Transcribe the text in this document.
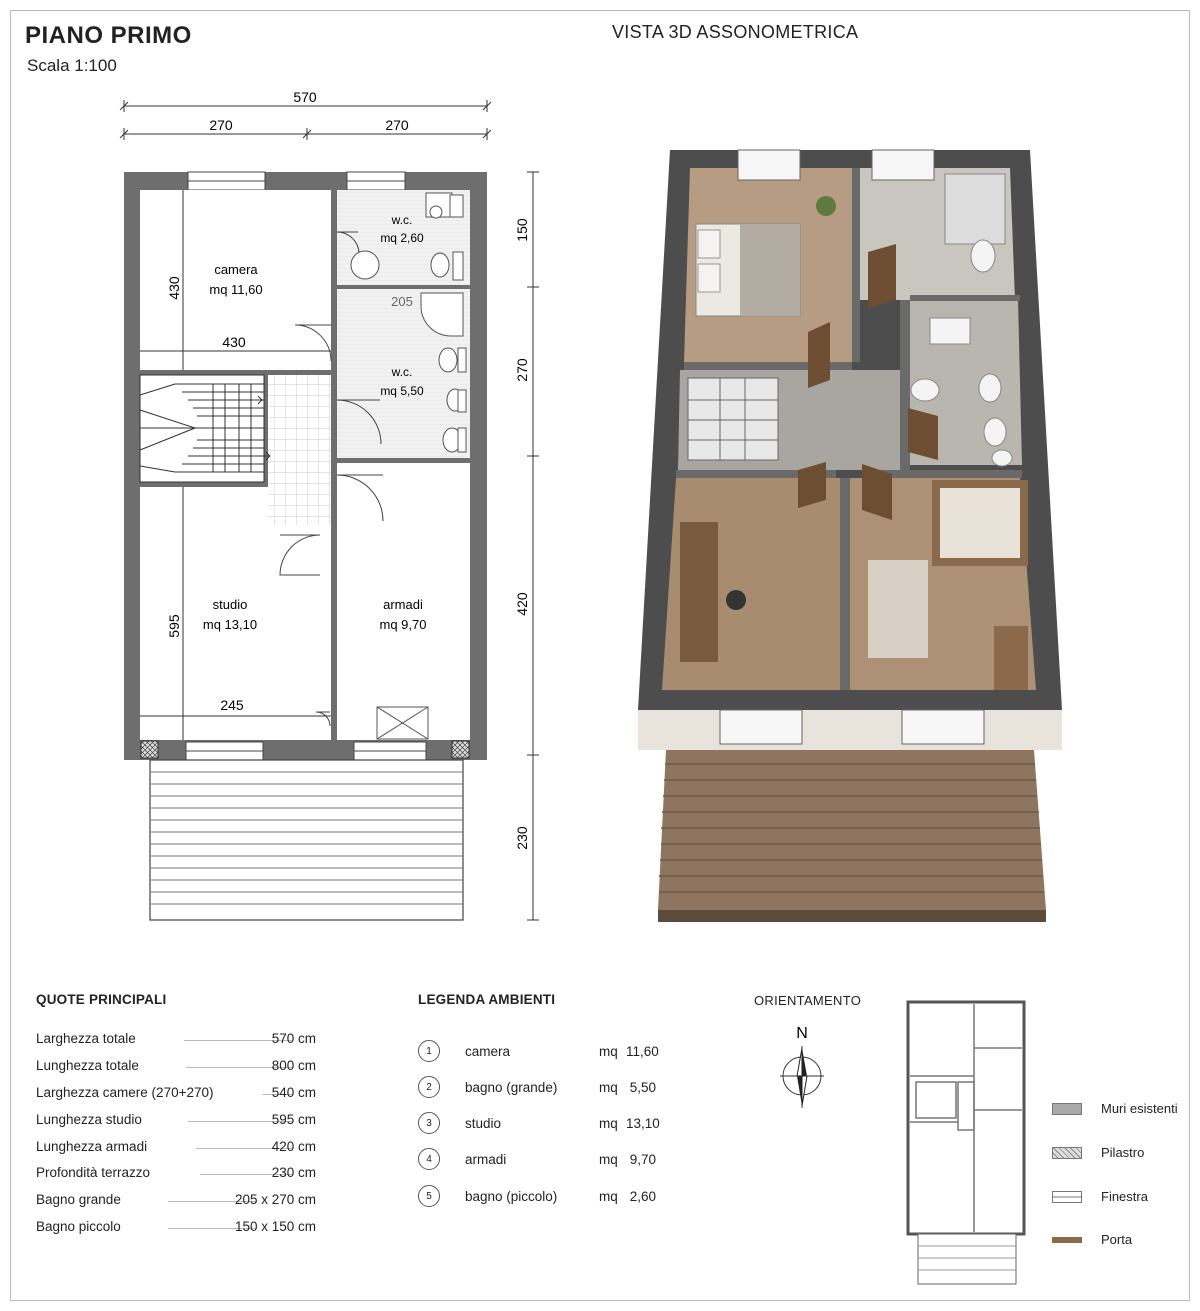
PIANO PRIMO
Scala 1:100
VISTA 3D ASSONOMETRICA
570
270	270
150
270
420
230
430
430
595
245
205
camera
mq 11,60
w.c.
mq 2,60
w.c.
mq 5,50
studio
mq 13,10
armadi
mq 9,70
QUOTE PRINCIPALI
Larghezza totale	570 cm
Lunghezza totale	800 cm
Larghezza camere (270+270)	540 cm
Lunghezza studio	595 cm
Lunghezza armadi	420 cm
Profondità terrazzo	230 cm
Bagno grande	205 x 270 cm
Bagno piccolo	150 x 150 cm
LEGENDA AMBIENTI
1	camera	mq 11,60
2	bagno (grande)	mq 5,50
3	studio	mq 13,10
4	armadi	mq 9,70
5	bagno (piccolo)	mq 2,60
ORIENTAMENTO
N
Muri esistenti
Pilastro
Finestra
Porta
